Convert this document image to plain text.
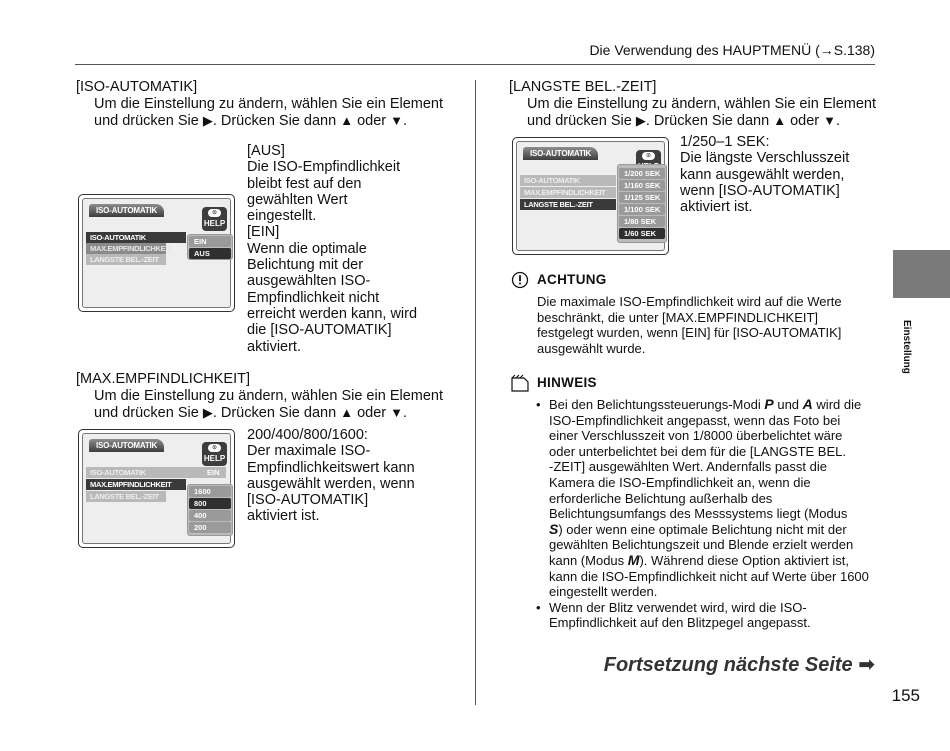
Die Verwendung des HAUPTMENÜ (→S.138)
[ISO-AUTOMATIK]
Um die Einstellung zu ändern, wählen Sie ein Element
und drücken Sie ▶. Drücken Sie dann ▲ oder ▼.
ISO-AUTOMATIK	⊙
HELP
ISO-AUTOMATIK
MAX.EMPFINDLICHKEIT
LANGSTE BEL.-ZEIT
EIN
AUS
[AUS]
Die ISO-Empfindlichkeit
bleibt fest auf den
gewählten Wert
eingestellt.
[EIN]
Wenn die optimale
Belichtung mit der
ausgewählten ISO-
Empfindlichkeit nicht
erreicht werden kann, wird
die [ISO-AUTOMATIK]
aktiviert.
[MAX.EMPFINDLICHKEIT]
Um die Einstellung zu ändern, wählen Sie ein Element
und drücken Sie ▶. Drücken Sie dann ▲ oder ▼.
ISO-AUTOMATIK	⊙
HELP
ISO-AUTOMATIK	EIN
MAX.EMPFINDLICHKEIT
LANGSTE BEL.-ZEIT
1600
800
400
200
200/400/800/1600:
Der maximale ISO-
Empfindlichkeitswert kann
ausgewählt werden, wenn
[ISO-AUTOMATIK]
aktiviert ist.
[LANGSTE BEL.-ZEIT]
Um die Einstellung zu ändern, wählen Sie ein Element
und drücken Sie ▶. Drücken Sie dann ▲ oder ▼.
ISO-AUTOMATIK	⊙
ISO-AUTOMATIK
MAX.EMPFINDLICHKEIT
LANGSTE BEL.-ZEIT
1/200 SEK
1/160 SEK
1/125 SEK
1/100 SEK
1/80 SEK
1/60 SEK
1/250–1 SEK:
Die längste Verschlusszeit
kann ausgewählt werden,
wenn [ISO-AUTOMATIK]
aktiviert ist.
ACHTUNG
Die maximale ISO-Empfindlichkeit wird auf die Werte
beschränkt, die unter [MAX.EMPFINDLICHKEIT]
festgelegt wurden, wenn [EIN] für [ISO-AUTOMATIK]
ausgewählt wurde.
HINWEIS
• Bei den Belichtungssteuerungs-Modi P und A wird die
ISO-Empfindlichkeit angepasst, wenn das Foto bei
einer Verschlusszeit von 1/8000 überbelichtet wäre
oder unterbelichtet bei dem für die [LANGSTE BEL.
-ZEIT] ausgewählten Wert. Andernfalls passt die
Kamera die ISO-Empfindlichkeit an, wenn die
erforderliche Belichtung außerhalb des
Belichtungsumfangs des Messsystems liegt (Modus
S) oder wenn eine optimale Belichtung nicht mit der
gewählten Belichtungszeit und Blende erzielt werden
kann (Modus M). Während diese Option aktiviert ist,
kann die ISO-Empfindlichkeit nicht auf Werte über 1600
eingestellt werden.
• Wenn der Blitz verwendet wird, wird die ISO-
Empfindlichkeit auf den Blitzpegel angepasst.
Fortsetzung nächste Seite ➡
Einstellung
155
